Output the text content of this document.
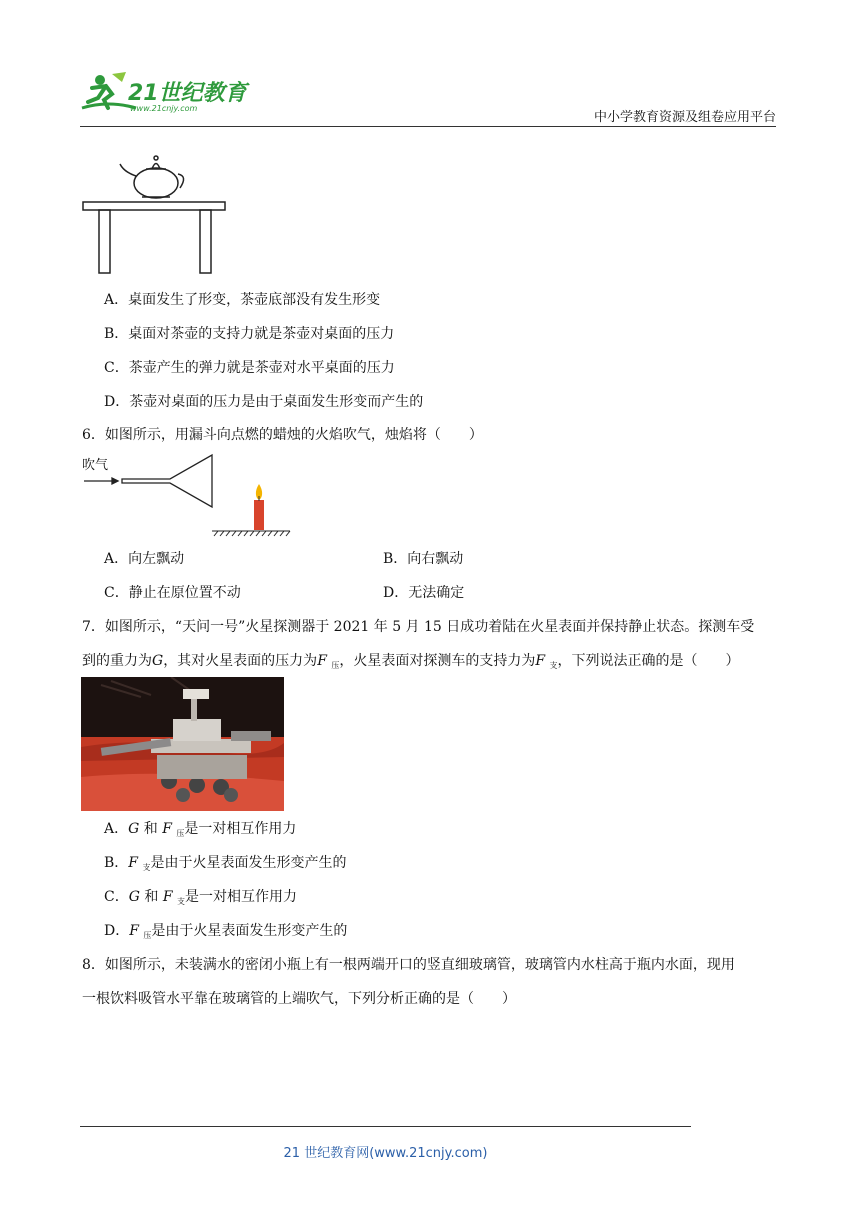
21世纪教育
www.21cnjy.com
中小学教育资源及组卷应用平台
A．桌面发生了形变，茶壶底部没有发生形变
B．桌面对茶壶的支持力就是茶壶对桌面的压力
C．茶壶产生的弹力就是茶壶对水平桌面的压力
D．茶壶对桌面的压力是由于桌面发生形变而产生的
6．如图所示，用漏斗向点燃的蜡烛的火焰吹气，烛焰将（　　）
吹气
A．向左飘动	B．向右飘动
C．静止在原位置不动	D．无法确定
7．如图所示，“天问一号”火星探测器于 2021 年 5 月 15 日成功着陆在火星表面并保持静止状态。探测车受
到的重力为G，其对火星表面的压力为F $_压$，火星表面对探测车的支持力为F $_支$，下列说法正确的是（　　）
A．G 和 F $_压$是一对相互作用力
B．F $_支$是由于火星表面发生形变产生的
C．G 和 F $_支$是一对相互作用力
D．F $_压$是由于火星表面发生形变产生的
8．如图所示，未装满水的密闭小瓶上有一根两端开口的竖直细玻璃管，玻璃管内水柱高于瓶内水面，现用
一根饮料吸管水平靠在玻璃管的上端吹气，下列分析正确的是（　　）
21 世纪教育网(www.21cnjy.com)
